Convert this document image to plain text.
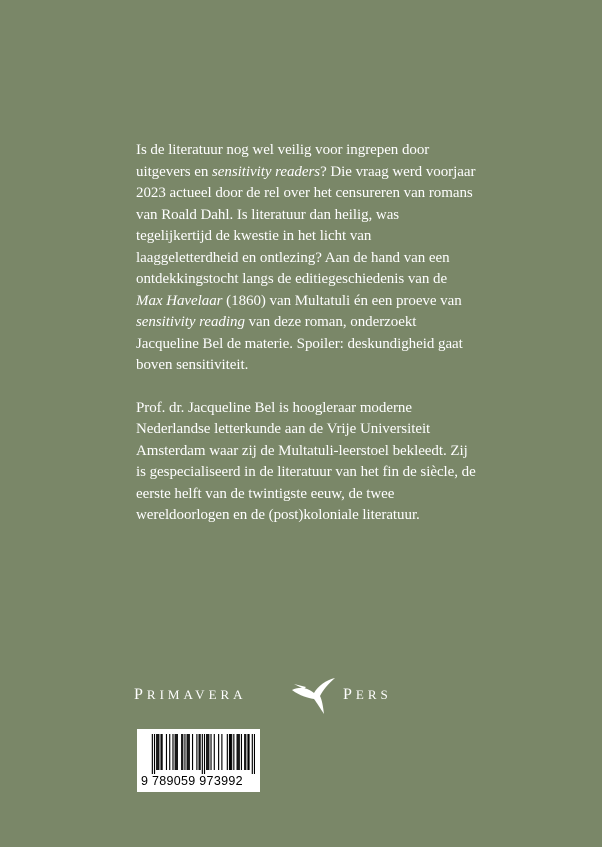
Is de literatuur nog wel veilig voor ingrepen door uitgevers en sensitivity readers? Die vraag werd voorjaar 2023 actueel door de rel over het censureren van romans van Roald Dahl. Is literatuur dan heilig, was tegelijkertijd de kwestie in het licht van laaggeletterdheid en ontlezing? Aan de hand van een ontdekkingstocht langs de editiegeschiedenis van de Max Havelaar (1860) van Multatuli én een proeve van sensitivity reading van deze roman, onderzoekt Jacqueline Bel de materie. Spoiler: deskundigheid gaat boven sensitiviteit.

Prof. dr. Jacqueline Bel is hoogleraar moderne Nederlandse letterkunde aan de Vrije Universiteit Amsterdam waar zij de Multatuli-leerstoel bekleedt. Zij is gespecialiseerd in de literatuur van het fin de siècle, de eerste helft van de twintigste eeuw, de twee wereldoorlogen en de (post)koloniale literatuur.

PRIMAVERA	PERS
9 789059 973992
